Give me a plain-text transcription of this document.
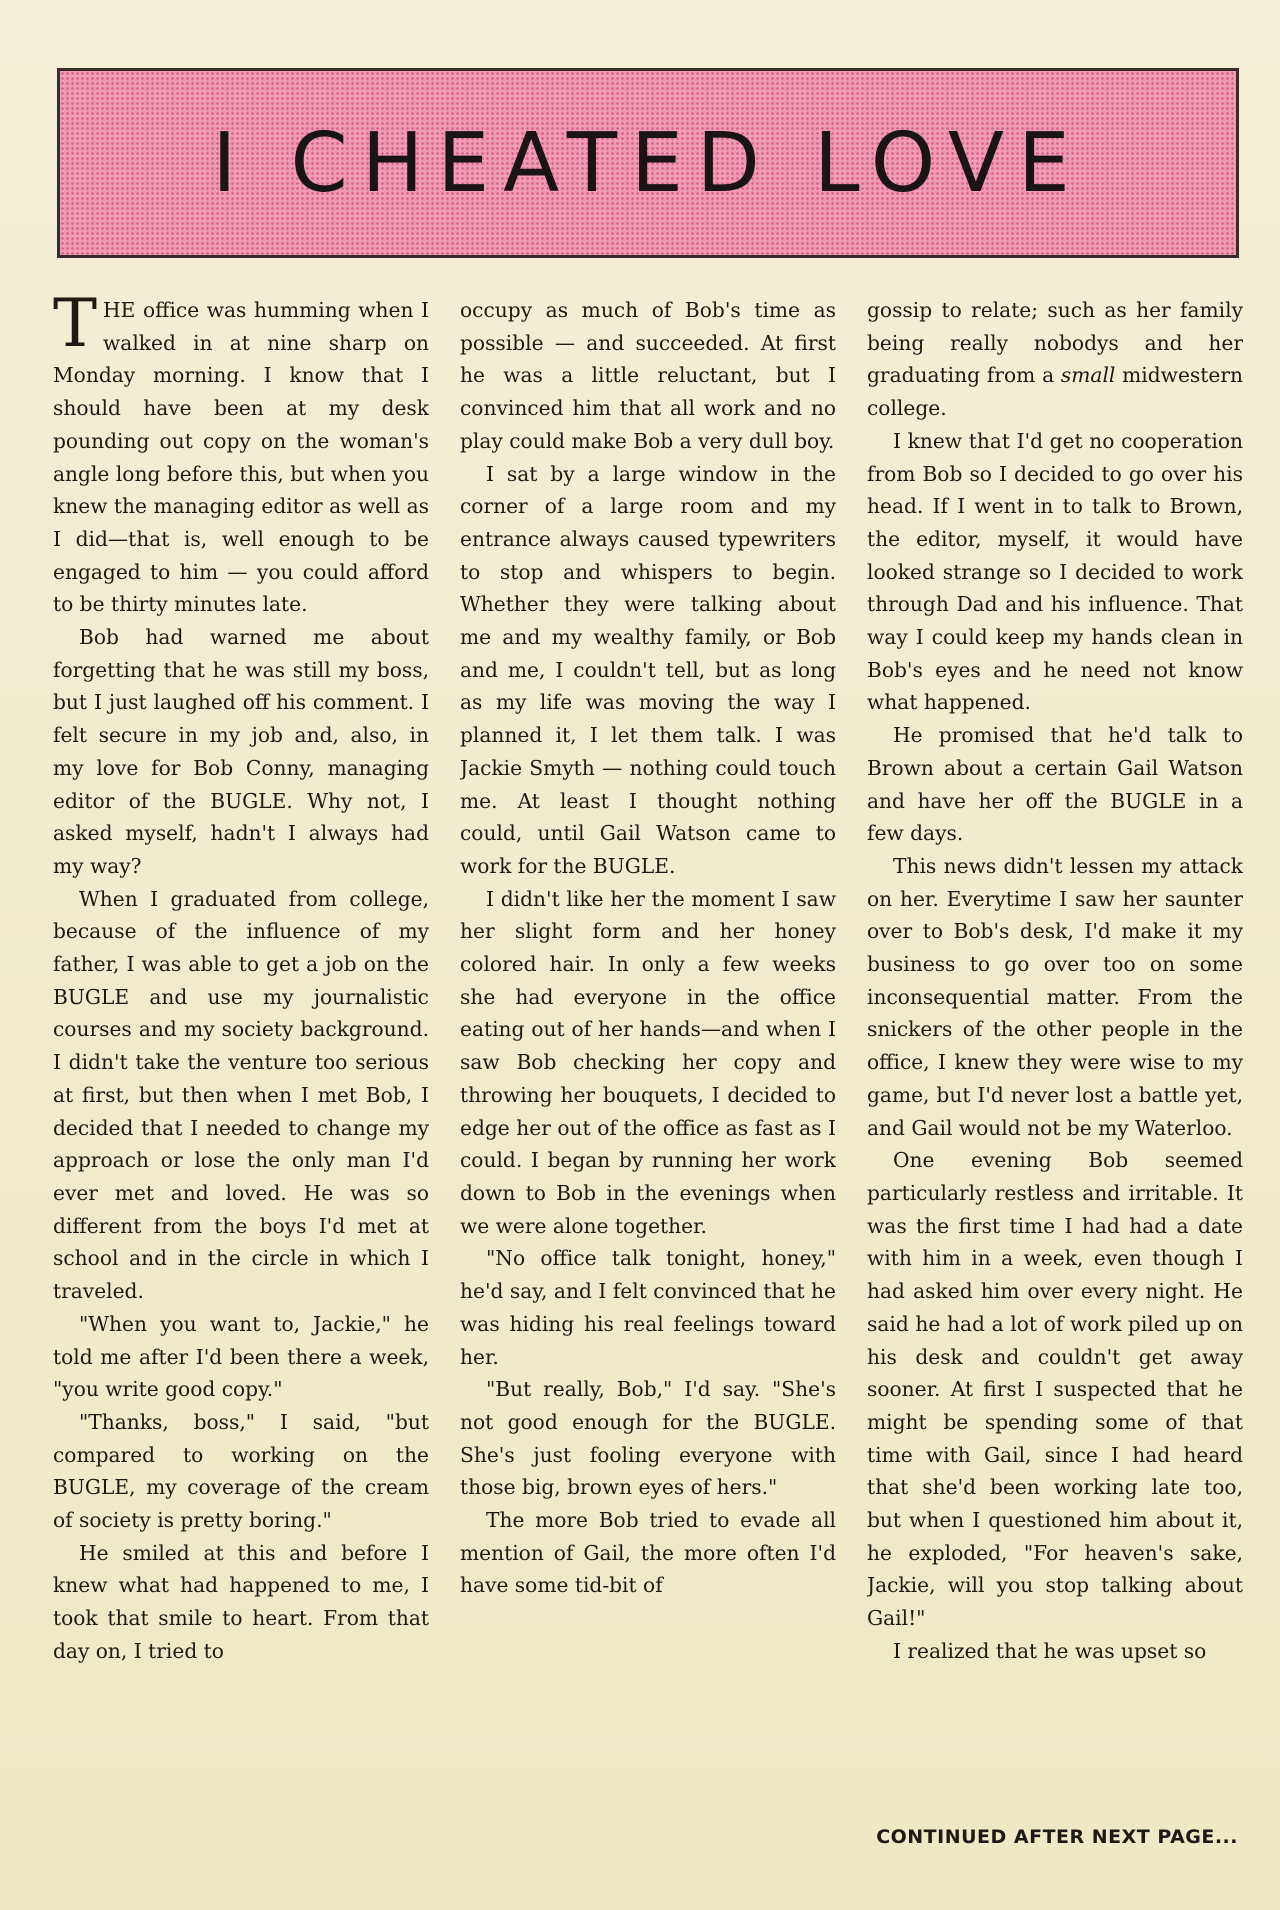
I CHEATED LOVE

THE office was humming when I walked in at nine sharp on Monday morning. I know that I should have been at my desk pounding out copy on the woman's angle long before this, but when you knew the managing editor as well as I did—that is, well enough to be engaged to him — you could afford to be thirty minutes late.

Bob had warned me about forgetting that he was still my boss, but I just laughed off his comment. I felt secure in my job and, also, in my love for Bob Conny, managing editor of the BUGLE. Why not, I asked myself, hadn't I always had my way?

When I graduated from college, because of the influence of my father, I was able to get a job on the BUGLE and use my journalistic courses and my society background. I didn't take the venture too serious at first, but then when I met Bob, I decided that I needed to change my approach or lose the only man I'd ever met and loved. He was so different from the boys I'd met at school and in the circle in which I traveled.

"When you want to, Jackie," he told me after I'd been there a week, "you write good copy."

"Thanks, boss," I said, "but compared to working on the BUGLE, my coverage of the cream of society is pretty boring."

He smiled at this and before I knew what had happened to me, I took that smile to heart. From that day on, I tried to

occupy as much of Bob's time as possible — and succeeded. At first he was a little reluctant, but I convinced him that all work and no play could make Bob a very dull boy.

I sat by a large window in the corner of a large room and my entrance always caused typewriters to stop and whispers to begin. Whether they were talking about me and my wealthy family, or Bob and me, I couldn't tell, but as long as my life was moving the way I planned it, I let them talk. I was Jackie Smyth — nothing could touch me. At least I thought nothing could, until Gail Watson came to work for the BUGLE.

I didn't like her the moment I saw her slight form and her honey colored hair. In only a few weeks she had everyone in the office eating out of her hands—and when I saw Bob checking her copy and throwing her bouquets, I decided to edge her out of the office as fast as I could. I began by running her work down to Bob in the evenings when we were alone together.

"No office talk tonight, honey," he'd say, and I felt convinced that he was hiding his real feelings toward her.

"But really, Bob," I'd say. "She's not good enough for the BUGLE. She's just fooling everyone with those big, brown eyes of hers."

The more Bob tried to evade all mention of Gail, the more often I'd have some tid-bit of

gossip to relate; such as her family being really nobodys and her graduating from a small midwestern college.

I knew that I'd get no cooperation from Bob so I decided to go over his head. If I went in to talk to Brown, the editor, myself, it would have looked strange so I decided to work through Dad and his influence. That way I could keep my hands clean in Bob's eyes and he need not know what happened.

He promised that he'd talk to Brown about a certain Gail Watson and have her off the BUGLE in a few days.

This news didn't lessen my attack on her. Everytime I saw her saunter over to Bob's desk, I'd make it my business to go over too on some inconsequential matter. From the snickers of the other people in the office, I knew they were wise to my game, but I'd never lost a battle yet, and Gail would not be my Waterloo.

One evening Bob seemed particularly restless and irritable. It was the first time I had had a date with him in a week, even though I had asked him over every night. He said he had a lot of work piled up on his desk and couldn't get away sooner. At first I suspected that he might be spending some of that time with Gail, since I had heard that she'd been working late too, but when I questioned him about it, he exploded, "For heaven's sake, Jackie, will you stop talking about Gail!"

I realized that he was upset so

CONTINUED AFTER NEXT PAGE...
